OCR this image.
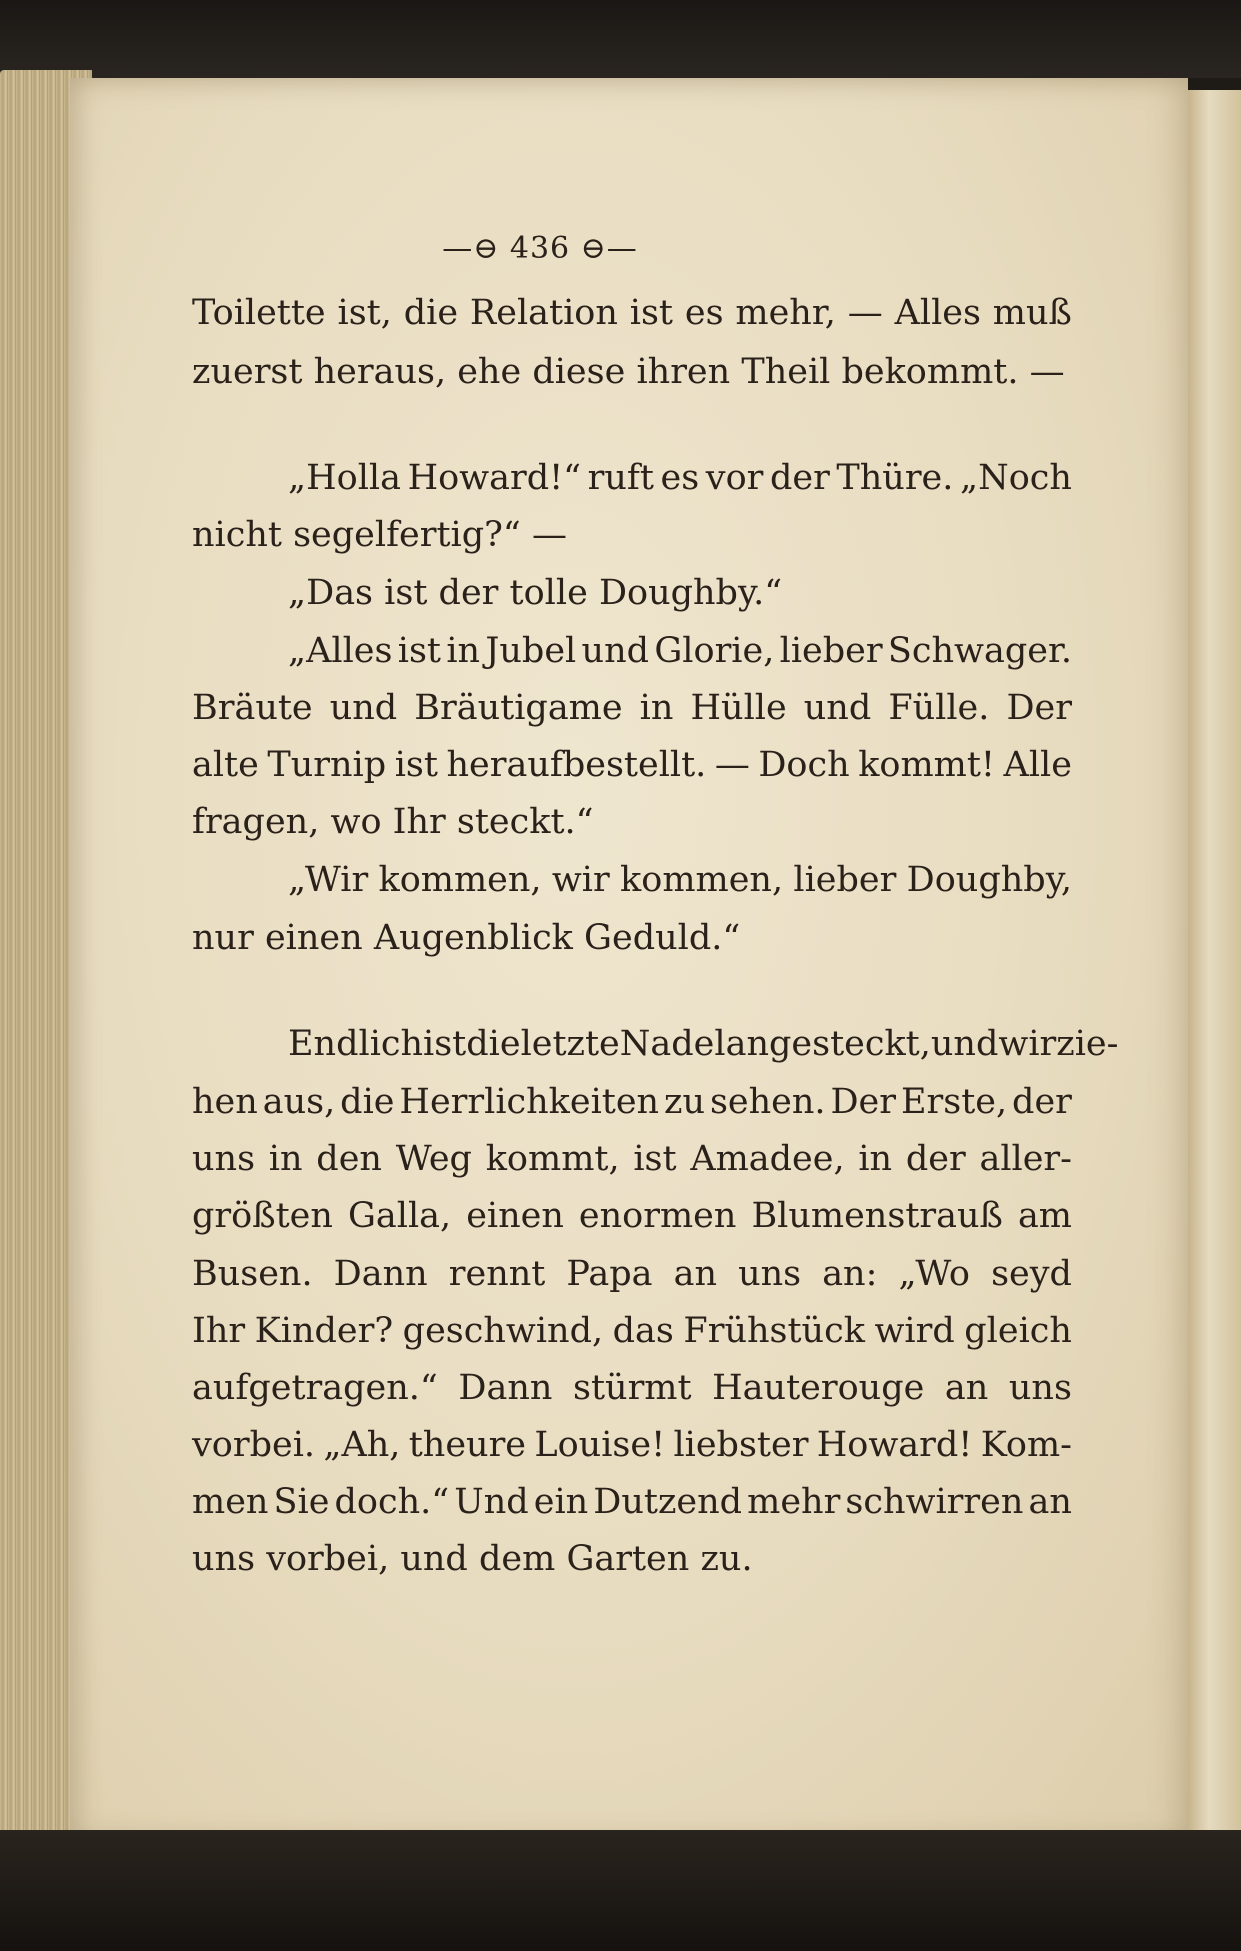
—⊖ 436 ⊖—
Toilette ist, die Relation ist es mehr, — Alles muß
zuerst heraus, ehe diese ihren Theil bekommt. —
„Holla Howard!“ ruft es vor der Thüre. „Noch
nicht segelfertig?“ —
„Das ist der tolle Doughby.“
„Alles ist in Jubel und Glorie, lieber Schwager.
Bräute und Bräutigame in Hülle und Fülle. Der
alte Turnip ist heraufbestellt. — Doch kommt! Alle
fragen, wo Ihr steckt.“
„Wir kommen, wir kommen, lieber Doughby,
nur einen Augenblick Geduld.“
Endlich ist die letzte Nadel angesteckt, und wir zie-
hen aus, die Herrlichkeiten zu sehen. Der Erste, der
uns in den Weg kommt, ist Amadee, in der aller-
größten Galla, einen enormen Blumenstrauß am
Busen. Dann rennt Papa an uns an: „Wo seyd
Ihr Kinder? geschwind, das Frühstück wird gleich
aufgetragen.“ Dann stürmt Hauterouge an uns
vorbei. „Ah, theure Louise! liebster Howard! Kom-
men Sie doch.“ Und ein Dutzend mehr schwirren an
uns vorbei, und dem Garten zu.
